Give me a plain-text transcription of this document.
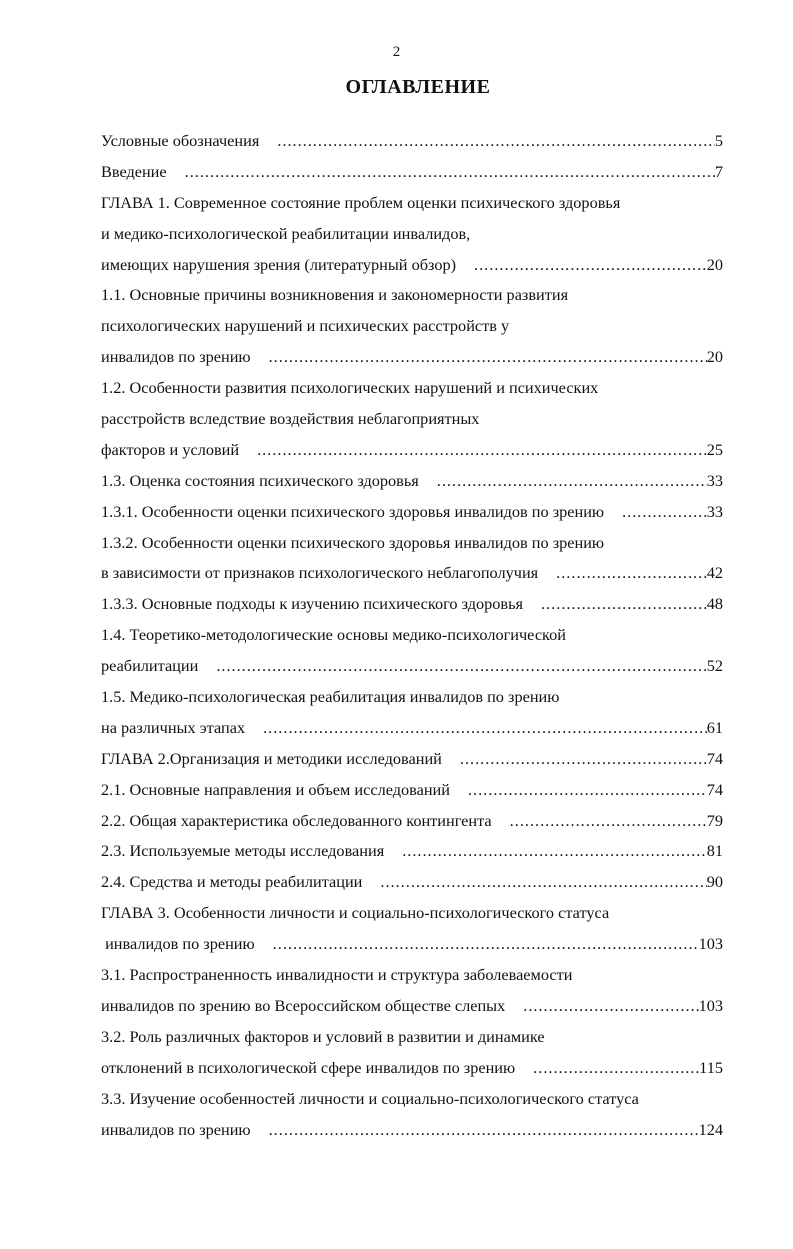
2
ОГЛАВЛЕНИЕ
Условные обозначения .....	5
Введение .....	7
ГЛАВА 1. Современное состояние проблем оценки психического здоровья
и медико-психологической реабилитации инвалидов,
имеющих нарушения зрения (литературный обзор) .....	20
1.1. Основные причины возникновения и закономерности развития
психологических нарушений и психических расстройств у
инвалидов по зрению .....	20
1.2. Особенности развития психологических нарушений и психических
расстройств вследствие воздействия неблагоприятных
факторов и условий .....	25
1.3. Оценка состояния психического здоровья .....	33
1.3.1. Особенности оценки психического здоровья инвалидов по зрению .....	33
1.3.2. Особенности оценки психического здоровья инвалидов по зрению
в зависимости от признаков психологического неблагополучия .....	42
1.3.3. Основные подходы к изучению психического здоровья .....	48
1.4. Теоретико-методологические основы медико-психологической
реабилитации .....	52
1.5. Медико-психологическая реабилитация инвалидов по зрению
на различных этапах .....	61
ГЛАВА 2.Организация и методики исследований .....	74
2.1. Основные направления и объем исследований .....	74
2.2. Общая характеристика обследованного контингента .....	79
2.3. Используемые методы исследования .....	81
2.4. Средства и методы реабилитации .....	90
ГЛАВА 3. Особенности личности и социально-психологического статуса
инвалидов по зрению .....	103
3.1. Распространенность инвалидности и структура заболеваемости
инвалидов по зрению во Всероссийском обществе слепых .....	103
3.2. Роль различных факторов и условий в развитии и динамике
отклонений в психологической сфере инвалидов по зрению .....	115
3.3. Изучение особенностей личности и социально-психологического статуса
инвалидов по зрению .....	124
